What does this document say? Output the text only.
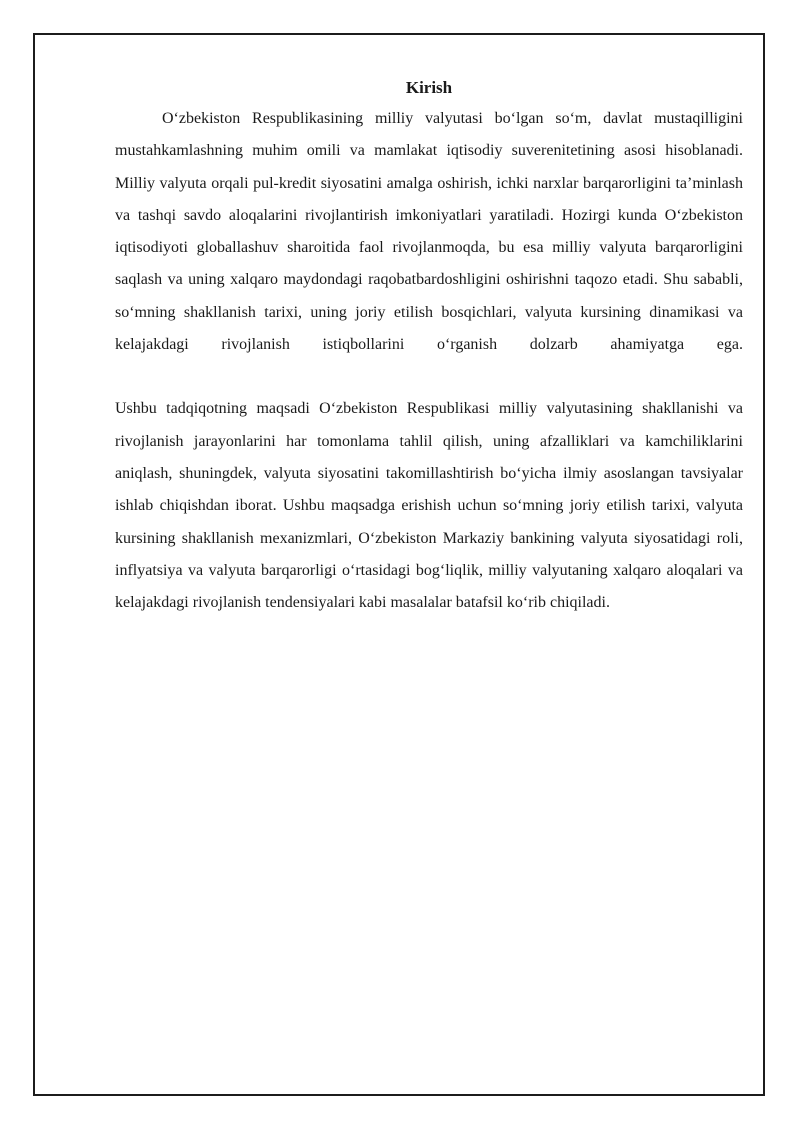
Kirish

O‘zbekiston Respublikasining milliy valyutasi bo‘lgan so‘m, davlat mustaqilligini mustahkamlashning muhim omili va mamlakat iqtisodiy suverenitetining asosi hisoblanadi. Milliy valyuta orqali pul-kredit siyosatini amalga oshirish, ichki narxlar barqarorligini ta’minlash va tashqi savdo aloqalarini rivojlantirish imkoniyatlari yaratiladi. Hozirgi kunda O‘zbekiston iqtisodiyoti globallashuv sharoitida faol rivojlanmoqda, bu esa milliy valyuta barqarorligini saqlash va uning xalqaro maydondagi raqobatbardoshligini oshirishni taqozo etadi. Shu sababli, so‘mning shakllanish tarixi, uning joriy etilish bosqichlari, valyuta kursining dinamikasi va kelajakdagi rivojlanish istiqbollarini o‘rganish dolzarb ahamiyatga ega.

Ushbu tadqiqotning maqsadi O‘zbekiston Respublikasi milliy valyutasining shakllanishi va rivojlanish jarayonlarini har tomonlama tahlil qilish, uning afzalliklari va kamchiliklarini aniqlash, shuningdek, valyuta siyosatini takomillashtirish bo‘yicha ilmiy asoslangan tavsiyalar ishlab chiqishdan iborat. Ushbu maqsadga erishish uchun so‘mning joriy etilish tarixi, valyuta kursining shakllanish mexanizmlari, O‘zbekiston Markaziy bankining valyuta siyosatidagi roli, inflyatsiya va valyuta barqarorligi o‘rtasidagi bog‘liqlik, milliy valyutaning xalqaro aloqalari va kelajakdagi rivojlanish tendensiyalari kabi masalalar batafsil ko‘rib chiqiladi.
